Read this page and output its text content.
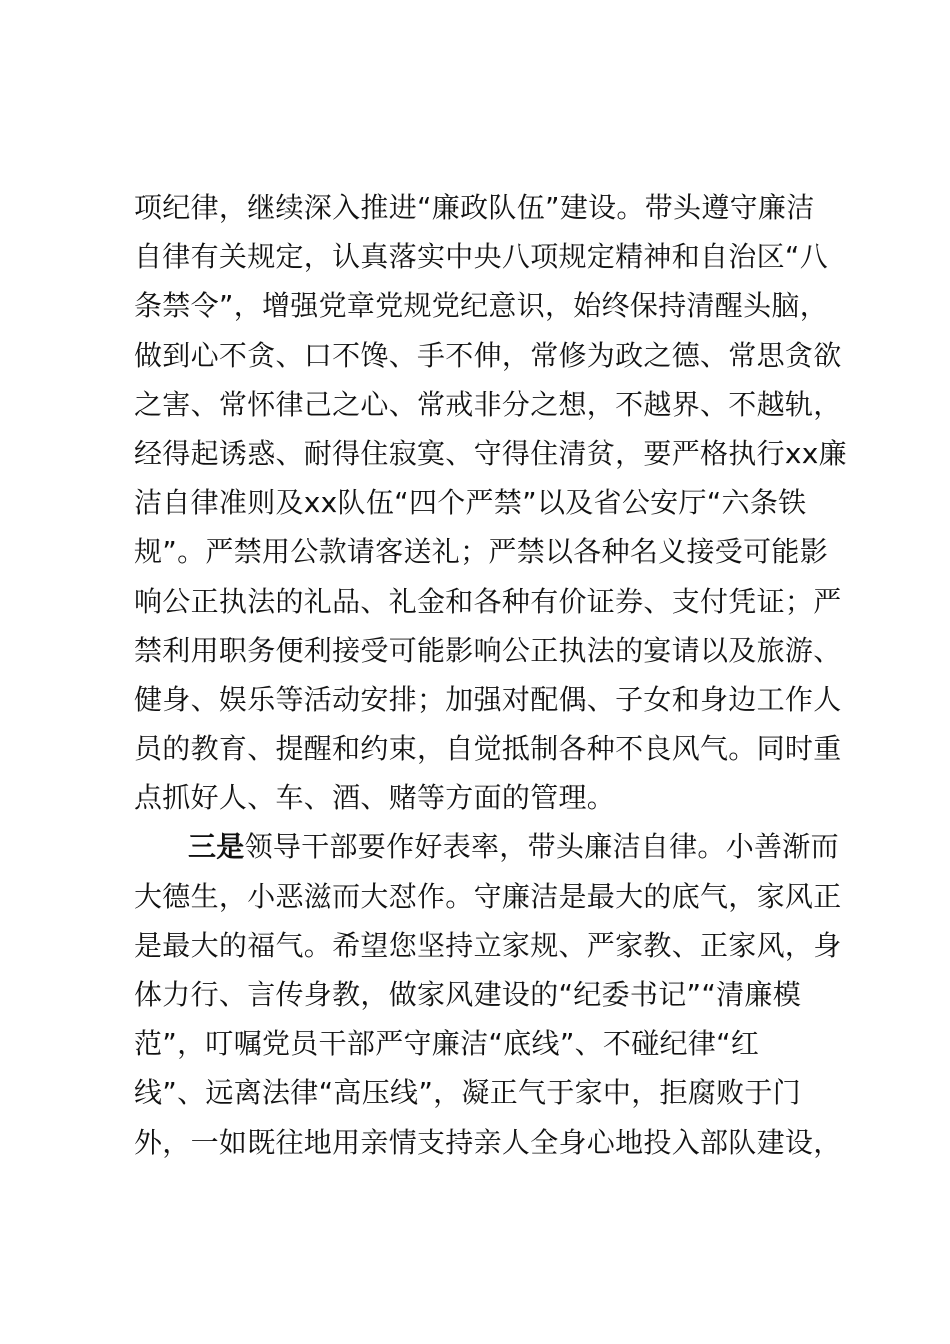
项纪律，继续深入推进“廉政队伍”建设。带头遵守廉洁
自律有关规定，认真落实中央八项规定精神和自治区“八
条禁令”，增强党章党规党纪意识，始终保持清醒头脑，
做到心不贪、口不馋、手不伸，常修为政之德、常思贪欲
之害、常怀律己之心、常戒非分之想，不越界、不越轨，
经得起诱惑、耐得住寂寞、守得住清贫，要严格执行xx廉
洁自律准则及xx队伍“四个严禁”以及省公安厅“六条铁
规”。严禁用公款请客送礼；严禁以各种名义接受可能影
响公正执法的礼品、礼金和各种有价证券、支付凭证；严
禁利用职务便利接受可能影响公正执法的宴请以及旅游、
健身、娱乐等活动安排；加强对配偶、子女和身边工作人
员的教育、提醒和约束，自觉抵制各种不良风气。同时重
点抓好人、车、酒、赌等方面的管理。
三是领导干部要作好表率，带头廉洁自律。小善渐而
大德生，小恶滋而大怼作。守廉洁是最大的底气，家风正
是最大的福气。希望您坚持立家规、严家教、正家风，身
体力行、言传身教，做家风建设的“纪委书记”“清廉模
范”，叮嘱党员干部严守廉洁“底线”、不碰纪律“红
线”、远离法律“高压线”，凝正气于家中，拒腐败于门
外，一如既往地用亲情支持亲人全身心地投入部队建设，
